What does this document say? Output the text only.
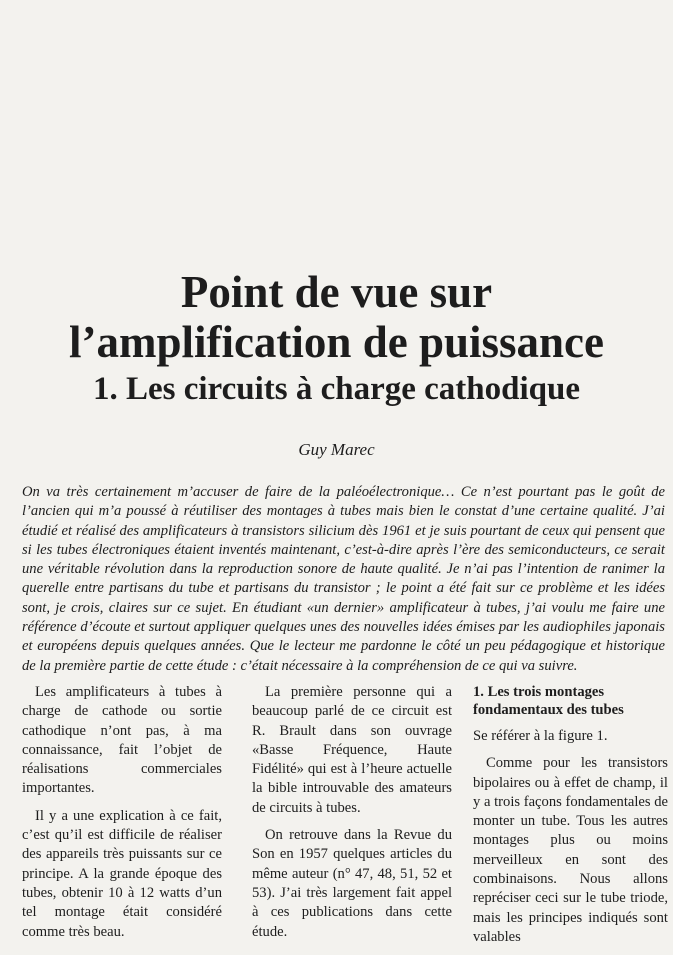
Point de vue sur
l’amplification de puissance
1. Les circuits à charge cathodique
Guy Marec

On va très certainement m’accuser de faire de la paléoélectronique… Ce n’est pourtant pas le goût de l’ancien qui m’a poussé à réutiliser des montages à tubes mais bien le constat d’une certaine qualité. J’ai étudié et réalisé des amplificateurs à transistors silicium dès 1961 et je suis pourtant de ceux qui pensent que si les tubes électroniques étaient inventés maintenant, c’est-à-dire après l’ère des semiconducteurs, ce serait une véritable révolution dans la reproduction sonore de haute qualité. Je n’ai pas l’intention de ranimer la querelle entre partisans du tube et partisans du transistor ; le point a été fait sur ce problème et les idées sont, je crois, claires sur ce sujet. En étudiant «un dernier» amplificateur à tubes, j’ai voulu me faire une référence d’écoute et surtout appliquer quelques unes des nouvelles idées émises par les audiophiles japonais et européens depuis quelques années. Que le lecteur me pardonne le côté un peu pédagogique et historique de la première partie de cette étude : c’était nécessaire à la compréhension de ce qui va suivre.

Les amplificateurs à tubes à charge de cathode ou sortie cathodique n’ont pas, à ma connaissance, fait l’objet de réalisations commerciales importantes.

Il y a une explication à ce fait, c’est qu’il est difficile de réaliser des appareils très puissants sur ce principe. A la grande époque des tubes, obtenir 10 à 12 watts d’un tel montage était considéré comme très beau.

La première personne qui a beaucoup parlé de ce circuit est R. Brault dans son ouvrage «Basse Fréquence, Haute Fidélité» qui est à l’heure actuelle la bible introuvable des amateurs de circuits à tubes.

On retrouve dans la Revue du Son en 1957 quelques articles du même auteur (n° 47, 48, 51, 52 et 53). J’ai très largement fait appel à ces publications dans cette étude.

1. Les trois montages fondamentaux des tubes

Se référer à la figure 1.

Comme pour les transistors bipolaires ou à effet de champ, il y a trois façons fondamentales de monter un tube. Tous les autres montages plus ou moins merveilleux en sont des combinaisons. Nous allons repréciser ceci sur le tube triode, mais les principes indiqués sont valables
